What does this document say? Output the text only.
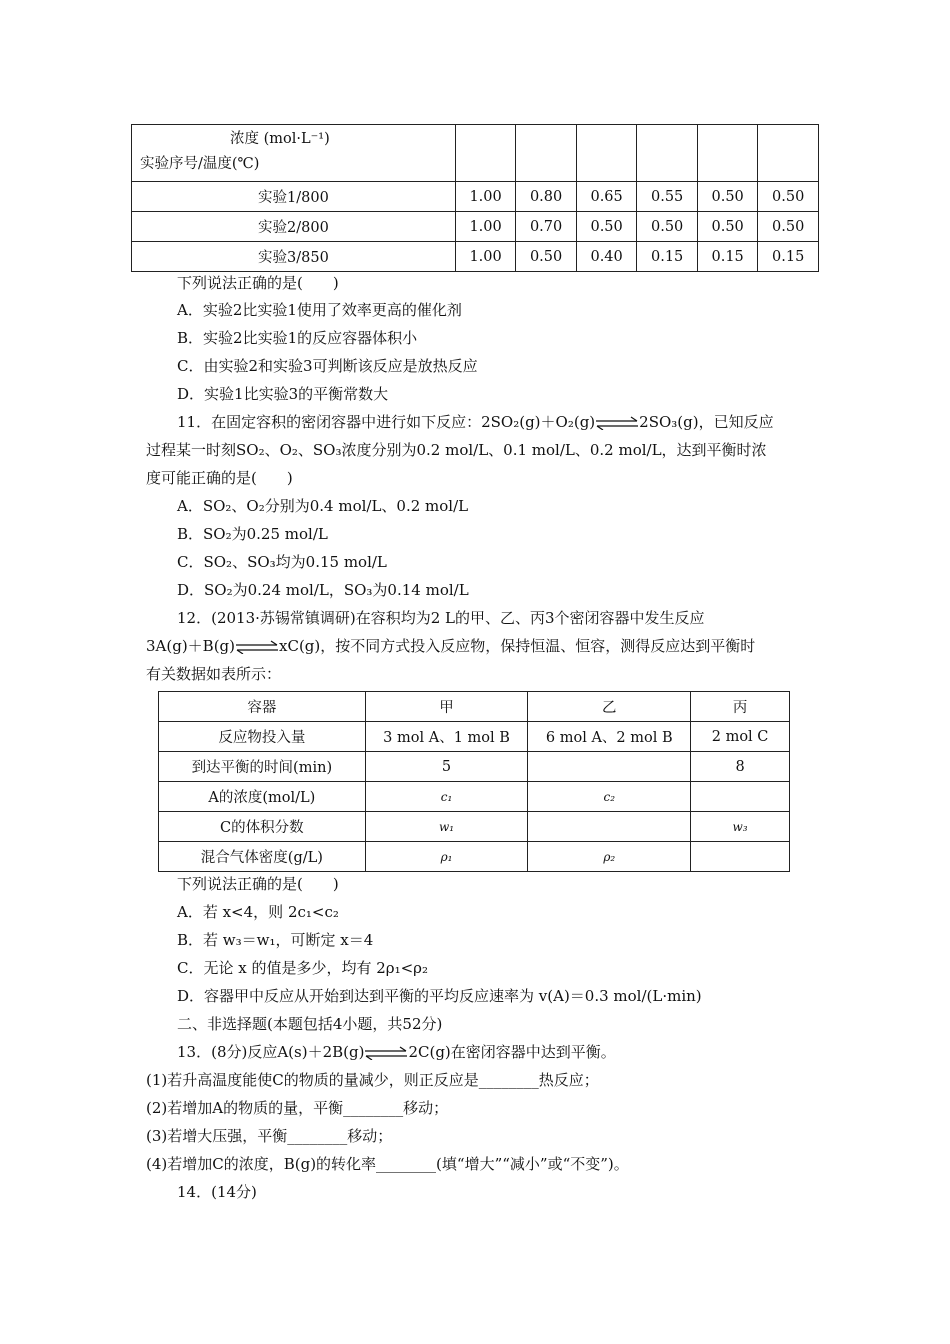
浓度 (mol·L⁻¹)
实验序号/温度(℃)						

实验1/800	1.00	0.80	0.65	0.55	0.50	0.50
实验2/800	1.00	0.70	0.50	0.50	0.50	0.50
实验3/850	1.00	0.50	0.40	0.15	0.15	0.15
下列说法正确的是(　　)
A．实验2比实验1使用了效率更高的催化剂
B．实验2比实验1的反应容器体积小
C．由实验2和实验3可判断该反应是放热反应
D．实验1比实验3的平衡常数大
11．在固定容积的密闭容器中进行如下反应：2SO₂(g)＋O₂(g)⇌2SO₃(g)，已知反应
过程某一时刻SO₂、O₂、SO₃浓度分别为0.2 mol/L、0.1 mol/L、0.2 mol/L，达到平衡时浓
度可能正确的是(　　)
A．SO₂、O₂分别为0.4 mol/L、0.2 mol/L
B．SO₂为0.25 mol/L
C．SO₂、SO₃均为0.15 mol/L
D．SO₂为0.24 mol/L，SO₃为0.14 mol/L
12．(2013·苏锡常镇调研)在容积均为2 L的甲、乙、丙3个密闭容器中发生反应
3A(g)＋B(g)⇌xC(g)，按不同方式投入反应物，保持恒温、恒容，测得反应达到平衡时
有关数据如表所示：
容器	甲	乙	丙
反应物投入量	3 mol A、1 mol B	6 mol A、2 mol B	2 mol C
到达平衡的时间(min)	5		8
A的浓度(mol/L)	c₁	c₂	
C的体积分数	w₁		w₃
混合气体密度(g/L)	ρ₁	ρ₂	
下列说法正确的是(　　)
A．若 x<4，则 2c₁<c₂
B．若 w₃＝w₁，可断定 x＝4
C．无论 x 的值是多少，均有 2ρ₁<ρ₂
D．容器甲中反应从开始到达到平衡的平均反应速率为 v(A)＝0.3 mol/(L·min)
二、非选择题(本题包括4小题，共52分)
13．(8分)反应A(s)＋2B(g)⇌2C(g)在密闭容器中达到平衡。
(1)若升高温度能使C的物质的量减少，则正反应是________热反应；
(2)若增加A的物质的量，平衡________移动；
(3)若增大压强，平衡________移动；
(4)若增加C的浓度，B(g)的转化率________(填“增大”“减小”或“不变”)。
14．(14分)
